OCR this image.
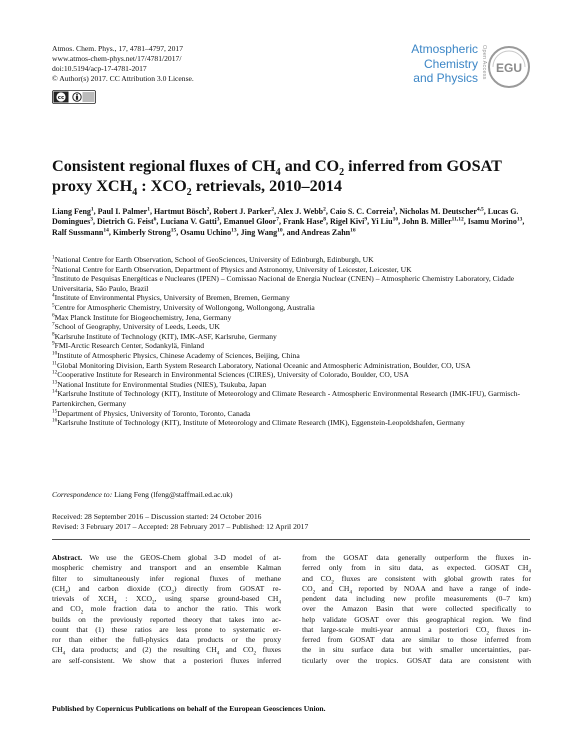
Atmos. Chem. Phys., 17, 4781–4797, 2017
www.atmos-chem-phys.net/17/4781/2017/
doi:10.5194/acp-17-4781-2017
© Author(s) 2017. CC Attribution 3.0 License.
cc
Atmospheric
Chemistry
and Physics Open Access EGU
Consistent regional fluxes of $CH_4$ and $CO_2$ inferred from GOSAT
proxy $XCH_4$ : $XCO_2$ retrievals, 2010–2014
Liang Feng$^1$, Paul I. Palmer$^1$, Hartmut Bösch$^2$, Robert J. Parker$^2$, Alex J. Webb$^2$, Caio S. C. Correia$^3$, Nicholas M. Deutscher$^{4,5}$, Lucas G. Domingues$^3$, Dietrich G. Feist$^6$, Luciana V. Gatti$^3$, Emanuel Gloor$^7$, Frank Hase$^8$, Rigel Kivi$^9$, Yi Liu$^{10}$, John B. Miller$^{11,12}$, Isamu Morino$^{13}$, Ralf Sussmann$^{14}$, Kimberly Strong$^{15}$, Osamu Uchino$^{13}$, Jing Wang$^{10}$, and Andreas Zahn$^{16}$
$^1$National Centre for Earth Observation, School of GeoSciences, University of Edinburgh, Edinburgh, UK
$^2$National Centre for Earth Observation, Department of Physics and Astronomy, University of Leicester, Leicester, UK
$^3$Instituto de Pesquisas Energéticas e Nucleares (IPEN) – Comissao Nacional de Energia Nuclear (CNEN) – Atmospheric Chemistry Laboratory, Cidade Universitaria, São Paulo, Brazil
$^4$Institute of Environmental Physics, University of Bremen, Bremen, Germany
$^5$Centre for Atmospheric Chemistry, University of Wollongong, Wollongong, Australia
$^6$Max Planck Institute for Biogeochemistry, Jena, Germany
$^7$School of Geography, University of Leeds, Leeds, UK
$^8$Karlsruhe Institute of Technology (KIT), IMK-ASF, Karlsruhe, Germany
$^9$FMI-Arctic Research Center, Sodankylä, Finland
$^{10}$Institute of Atmospheric Physics, Chinese Academy of Sciences, Beijing, China
$^{11}$Global Monitoring Division, Earth System Research Laboratory, National Oceanic and Atmospheric Administration, Boulder, CO, USA
$^{12}$Cooperative Institute for Research in Environmental Sciences (CIRES), University of Colorado, Boulder, CO, USA
$^{13}$National Institute for Environmental Studies (NIES), Tsukuba, Japan
$^{14}$Karlsruhe Institute of Technology (KIT), Institute of Meteorology and Climate Research - Atmospheric Environmental Research (IMK-IFU), Garmisch-Partenkirchen, Germany
$^{15}$Department of Physics, University of Toronto, Toronto, Canada
$^{16}$Karlsruhe Institute of Technology (KIT), Institute of Meteorology and Climate Research (IMK), Eggenstein-Leopoldshafen, Germany
Correspondence to: Liang Feng (lfeng@staffmail.ed.ac.uk)
Received: 28 September 2016 – Discussion started: 24 October 2016
Revised: 3 February 2017 – Accepted: 28 February 2017 – Published: 12 April 2017
Abstract. We use the GEOS-Chem global 3-D model of at-
mospheric chemistry and transport and an ensemble Kalman
filter to simultaneously infer regional fluxes of methane
$(CH_4)$ and carbon dioxide $(CO_2)$ directly from GOSAT re-
trievals of $XCH_4$ : $XCO_2$, using sparse ground-based $CH_4$
and $CO_2$ mole fraction data to anchor the ratio. This work
builds on the previously reported theory that takes into ac-
count that (1) these ratios are less prone to systematic er-
ror than either the full-physics data products or the proxy
$CH_4$ data products; and (2) the resulting $CH_4$ and $CO_2$ fluxes
are self-consistent. We show that a posteriori fluxes inferred
from the GOSAT data generally outperform the fluxes in-
ferred only from in situ data, as expected. GOSAT $CH_4$
and $CO_2$ fluxes are consistent with global growth rates for
$CO_2$ and $CH_4$ reported by NOAA and have a range of inde-
pendent data including new profile measurements (0–7 km)
over the Amazon Basin that were collected specifically to
help validate GOSAT over this geographical region. We find
that large-scale multi-year annual a posteriori $CO_2$ fluxes in-
ferred from GOSAT data are similar to those inferred from
the in situ surface data but with smaller uncertainties, par-
ticularly over the tropics. GOSAT data are consistent with
Published by Copernicus Publications on behalf of the European Geosciences Union.
